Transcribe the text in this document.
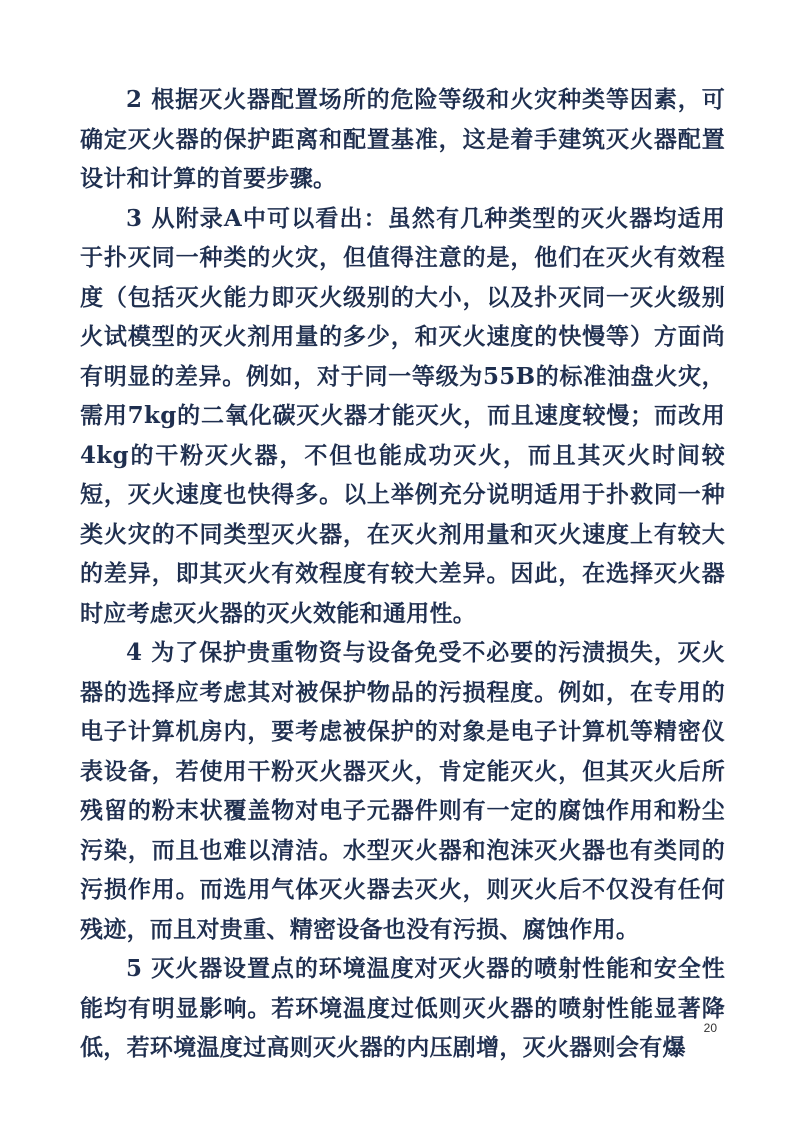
2 根据灭火器配置场所的危险等级和火灾种类等因素，可确定灭火器的保护距离和配置基准，这是着手建筑灭火器配置设计和计算的首要步骤。

3 从附录A中可以看出：虽然有几种类型的灭火器均适用于扑灭同一种类的火灾，但值得注意的是，他们在灭火有效程度（包括灭火能力即灭火级别的大小，以及扑灭同一灭火级别火试模型的灭火剂用量的多少，和灭火速度的快慢等）方面尚有明显的差异。例如，对于同一等级为55B的标准油盘火灾，需用7kg的二氧化碳灭火器才能灭火，而且速度较慢；而改用4kg的干粉灭火器，不但也能成功灭火，而且其灭火时间较短，灭火速度也快得多。以上举例充分说明适用于扑救同一种类火灾的不同类型灭火器，在灭火剂用量和灭火速度上有较大的差异，即其灭火有效程度有较大差异。因此，在选择灭火器时应考虑灭火器的灭火效能和通用性。

4 为了保护贵重物资与设备免受不必要的污渍损失，灭火器的选择应考虑其对被保护物品的污损程度。例如，在专用的电子计算机房内，要考虑被保护的对象是电子计算机等精密仪表设备，若使用干粉灭火器灭火，肯定能灭火，但其灭火后所残留的粉末状覆盖物对电子元器件则有一定的腐蚀作用和粉尘污染，而且也难以清洁。水型灭火器和泡沫灭火器也有类同的污损作用。而选用气体灭火器去灭火，则灭火后不仅没有任何残迹，而且对贵重、精密设备也没有污损、腐蚀作用。

5 灭火器设置点的环境温度对灭火器的喷射性能和安全性能均有明显影响。若环境温度过低则灭火器的喷射性能显著降低，若环境温度过高则灭火器的内压剧增，灭火器则会有爆

20
